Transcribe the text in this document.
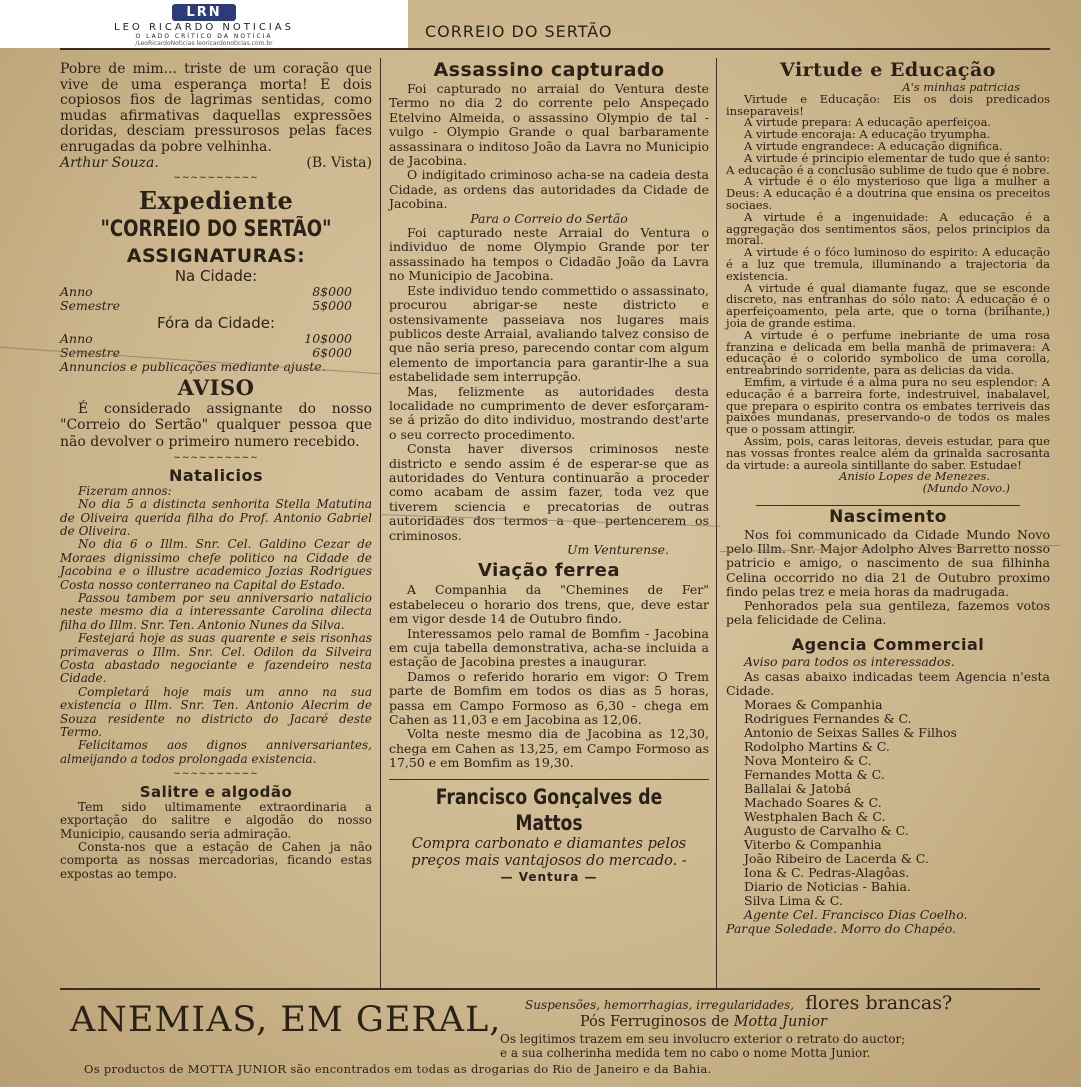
LRN
LEO RICARDO NOTICIAS
O LADO CRÍTICO DA NOTÍCIA
/LeoRicardoNoticias leoricardonoticias.com.br
CORREIO DO SERTÃO

Pobre de mim... triste de um coração que vive de uma esperança morta! E dois copiosos fios de lagrimas sentidas, como mudas afirmativas daquellas expressões doridas, desciam pressurosos pelas faces enrugadas da pobre velhinha.

Arthur Souza.	(B. Vista)
~~~~~~~~~~
Expediente
"CORREIO DO SERTÃO"
ASSIGNATURAS:
Na Cidade:
Anno	8$000
Semestre	5$000
Fóra da Cidade:
Anno	10$000
Semestre	6$000

Annuncios e publicações mediante ajuste.

AVISO

É considerado assignante do nosso "Correio do Sertão" qualquer pessoa que não devolver o primeiro numero recebido.

~~~~~~~~~~
Natalicios

Fizeram annos:

No dia 5 a distincta senhorita Stella Matutina de Oliveira querida filha do Prof. Antonio Gabriel de Oliveira.

No dia 6 o Illm. Snr. Cel. Galdino Cezar de Moraes dignissimo chefe politico na Cidade de Jacobina e o illustre academico Jozias Rodrigues Costa nosso conterraneo na Capital do Estado.

Passou tambem por seu anniversario natalicio neste mesmo dia a interessante Carolina dilecta filha do Illm. Snr. Ten. Antonio Nunes da Silva.

Festejará hoje as suas quarente e seis risonhas primaveras o Illm. Snr. Cel. Odilon da Silveira Costa abastado negociante e fazendeiro nesta Cidade.

Completará hoje mais um anno na sua existencia o Illm. Snr. Ten. Antonio Alecrim de Souza residente no districto do Jacaré deste Termo.

Felicitamos aos dignos anniversariantes, almeijando a todos prolongada existencia.

~~~~~~~~~~
Salitre e algodão

Tem sido ultimamente extraordinaria a exportação do salitre e algodão do nosso Municipio, causando seria admiração.

Consta-nos que a estação de Cahen ja não comporta as nossas mercadorias, ficando estas expostas ao tempo.

Assassino capturado

Foi capturado no arraial do Ventura deste Termo no dia 2 do corrente pelo Anspeçado Etelvino Almeida, o assassino Olympio de tal - vulgo - Olympio Grande o qual barbaramente assassinara o inditoso João da Lavra no Municipio de Jacobina.

O indigitado criminoso acha-se na cadeia desta Cidade, as ordens das autoridades da Cidade de Jacobina.

Para o Correio do Sertão

Foi capturado neste Arraial do Ventura o individuo de nome Olympio Grande por ter assassinado ha tempos o Cidadão João da Lavra no Municipio de Jacobina.

Este individuo tendo commettido o assassinato, procurou abrigar-se neste districto e ostensivamente passeiava nos lugares mais publicos deste Arraial, avaliando talvez consiso de que não seria preso, parecendo contar com algum elemento de importancia para garantir-lhe a sua estabelidade sem interrupção.

Mas, felizmente as autoridades desta localidade no cumprimento de dever esforçaram-se á prizão do dito individuo, mostrando dest'arte o seu correcto procedimento.

Consta haver diversos criminosos neste districto e sendo assim é de esperar-se que as autoridades do Ventura continuarão a proceder como acabam de assim fazer, toda vez que tiverem sciencia e precatorias de outras autoridades dos termos a que pertencerem os criminosos.

Um Venturense.
Viação ferrea

A Companhia da "Chemines de Fer" estabeleceu o horario dos trens, que, deve estar em vigor desde 14 de Outubro findo.

Interessamos pelo ramal de Bomfim - Jacobina em cuja tabella demonstrativa, acha-se incluida a estação de Jacobina prestes a inaugurar.

Damos o referido horario em vigor: O Trem parte de Bomfim em todos os dias as 5 horas, passa em Campo Formoso as 6,30 - chega em Cahen as 11,03 e em Jacobina as 12,06.

Volta neste mesmo dia de Jacobina as 12,30, chega em Cahen as 13,25, em Campo Formoso as 17,50 e em Bomfim as 19,30.

Francisco Gonçalves de Mattos

Compra carbonato e diamantes pelos preços mais vantajosos do mercado. -

— Ventura —
Virtude e Educação
A's minhas patricias

Virtude e Educação: Eis os dois predicados inseparaveis!

A virtude prepara: A educação aperfeiçoa.

A virtude encoraja: A educação tryumpha.

A virtude engrandece: A educação dignifica.

A virtude é principio elementar de tudo que é santo: A educação é a conclusão sublime de tudo que é nobre.

A virtude é o élo mysterioso que liga a mulher a Deus: A educação é a doutrina que ensina os preceitos sociaes.

A virtude é a ingenuidade: A educação é a aggregação dos sentimentos sãos, pelos principios da moral.

A virtude é o fóco luminoso do espirito: A educação é a luz que tremula, illuminando a trajectoria da existencia.

A virtude é qual diamante fugaz, que se esconde discreto, nas entranhas do sólo nato: A educação é o aperfeiçoamento, pela arte, que o torna (brilhante,) joia de grande estima.

A virtude é o perfume inebriante de uma rosa franzina e delicada em bella manhã de primavera: A educação é o colorido symbolico de uma corolla, entreabrindo sorridente, para as delicias da vida.

Emfim, a virtude é a alma pura no seu esplendor: A educação é a barreira forte, indestruivel, inabalavel, que prepara o espirito contra os embates terriveis das paixões mundanas, preservando-o de todos os males que o possam attingir.

Assim, pois, caras leitoras, deveis estudar, para que nas vossas frontes realce além da grinalda sacrosanta da virtude: a aureola sintillante do saber. Estudae!

Anisio Lopes de Menezes.
(Mundo Novo.)
Nascimento

Nos foi communicado da Cidade Mundo Novo pelo Illm. Snr. Major Adolpho Alves Barretto nosso patricio e amigo, o nascimento de sua filhinha Celina occorrido no dia 21 de Outubro proximo findo pelas trez e meia horas da madrugada.

Penhorados pela sua gentileza, fazemos votos pela felicidade de Celina.

Agencia Commercial

Aviso para todos os interessados.

As casas abaixo indicadas teem Agencia n'esta Cidade.

Moraes & Companhia
Rodrigues Fernandes & C.
Antonio de Seixas Salles & Filhos
Rodolpho Martins & C.
Nova Monteiro & C.
Fernandes Motta & C.
Ballalai & Jatobá
Machado Soares & C.
Westphalen Bach & C.
Augusto de Carvalho & C.
Viterbo & Companhia
João Ribeiro de Lacerda & C.
Iona & C. Pedras-Alagôas.
Diario de Noticias - Bahia.
Silva Lima & C.

Agente Cel. Francisco Dias Coelho.

Parque Soledade. Morro do Chapéo.

ANEMIAS, EM GERAL, Suspensões, hemorrhagias, irregularidades, flores brancas?
Pós Ferruginosos de Motta Junior
Os legitimos trazem em seu involucro exterior o retrato do auctor;
e a sua colherinha medida tem no cabo o nome Motta Junior.
Os productos de MOTTA JUNIOR são encontrados em todas as drogarias do Rio de Janeiro e da Bahia.
